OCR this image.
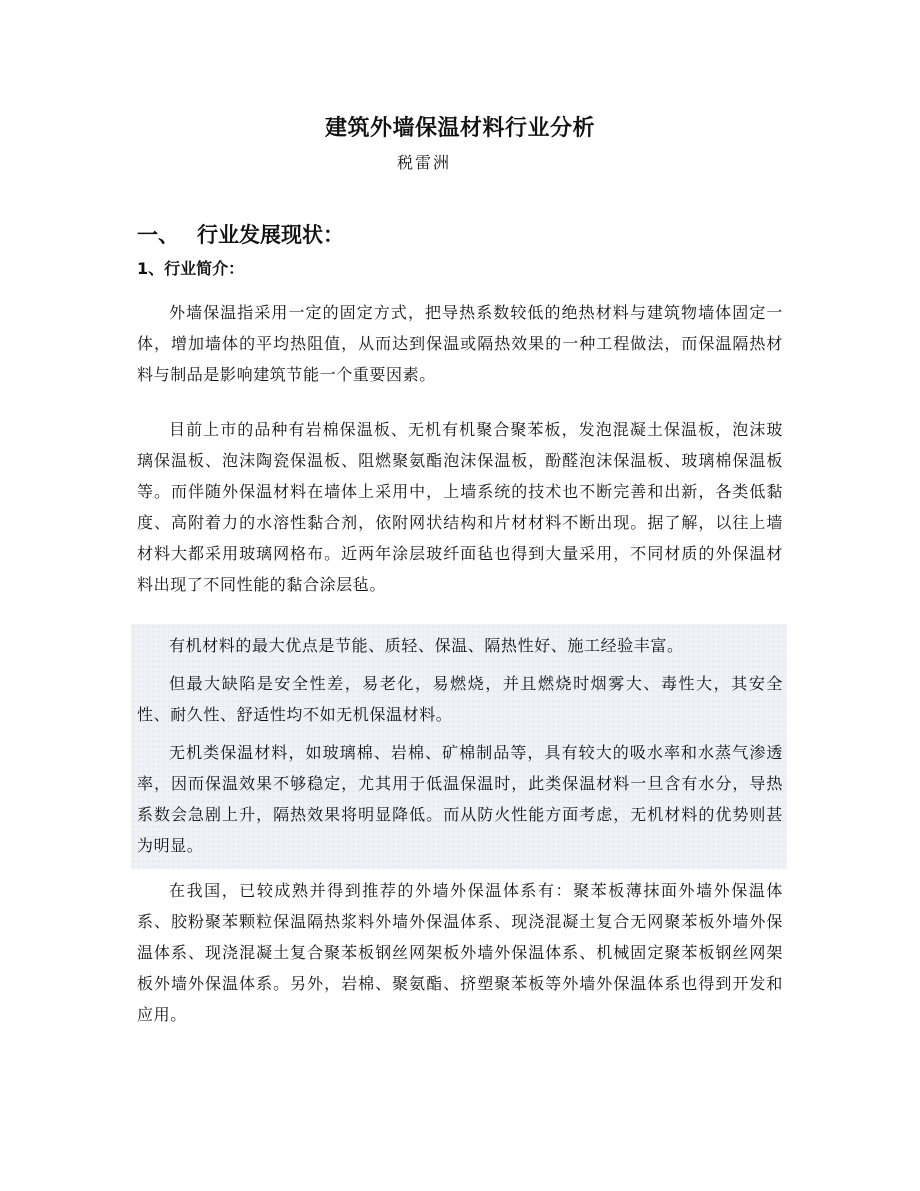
建筑外墙保温材料行业分析
税雷洲
一、 行业发展现状：
1、行业简介：

外墙保温指采用一定的固定方式，把导热系数较低的绝热材料与建筑物墙体固定一体，增加墙体的平均热阻值，从而达到保温或隔热效果的一种工程做法，而保温隔热材料与制品是影响建筑节能一个重要因素。

目前上市的品种有岩棉保温板、无机有机聚合聚苯板，发泡混凝土保温板，泡沫玻璃保温板、泡沫陶瓷保温板、阻燃聚氨酯泡沫保温板，酚醛泡沫保温板、玻璃棉保温板等。而伴随外保温材料在墙体上采用中，上墙系统的技术也不断完善和出新，各类低黏度、高附着力的水溶性黏合剂，依附网状结构和片材材料不断出现。据了解，以往上墙材料大都采用玻璃网格布。近两年涂层玻纤面毡也得到大量采用，不同材质的外保温材料出现了不同性能的黏合涂层毡。

有机材料的最大优点是节能、质轻、保温、隔热性好、施工经验丰富。

但最大缺陷是安全性差，易老化，易燃烧，并且燃烧时烟雾大、毒性大，其安全性、耐久性、舒适性均不如无机保温材料。

无机类保温材料，如玻璃棉、岩棉、矿棉制品等，具有较大的吸水率和水蒸气渗透率，因而保温效果不够稳定，尤其用于低温保温时，此类保温材料一旦含有水分，导热系数会急剧上升，隔热效果将明显降低。而从防火性能方面考虑，无机材料的优势则甚为明显。

在我国，已较成熟并得到推荐的外墙外保温体系有：聚苯板薄抹面外墙外保温体系、胶粉聚苯颗粒保温隔热浆料外墙外保温体系、现浇混凝土复合无网聚苯板外墙外保温体系、现浇混凝土复合聚苯板钢丝网架板外墙外保温体系、机械固定聚苯板钢丝网架板外墙外保温体系。另外，岩棉、聚氨酯、挤塑聚苯板等外墙外保温体系也得到开发和应用。
